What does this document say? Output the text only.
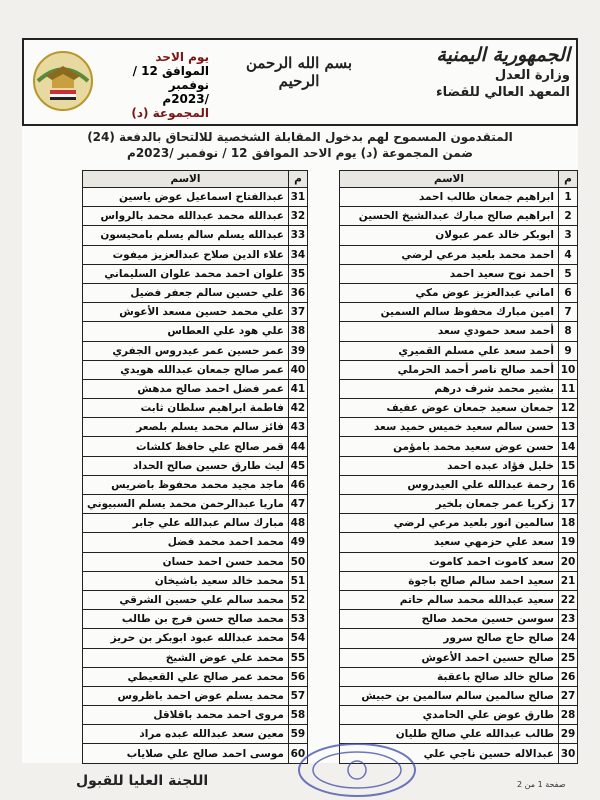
الجمهورية اليمنية
وزارة العدل
المعهد العالي للقضاء
بسم الله الرحمن الرحيم
يوم الاحد
الموافق 12 / نوفمبر
/2023م
المجموعة (د)
المتقدمون المسموح لهم بدخول المقابلة الشخصية للالتحاق بالدفعة (24)
ضمن المجموعة (د) يوم الاحد الموافق 12 / نوفمبر /2023م
م	الاسم
1	ابراهيم جمعان طالب احمد
2	ابراهيم صالح مبارك عبدالشيخ الحسين
3	ابوبكر خالد عمر عبولان
4	احمد محمد بلعيد مرعي لرضي
5	احمد نوح سعيد احمد
6	اماني عبدالعزيز عوض مكي
7	امين مبارك محفوظ سالم السمين
8	أحمد سعد حمودي سعد
9	أحمد سعد علي مسلم القميري
10	أحمد صالح ناصر أحمد الحرملي
11	بشير محمد شرف درهم
12	جمعان سعيد جمعان عوض عفيف
13	حسن سالم سعيد خميس حميد سعد
14	حسن عوض سعيد محمد بامؤمن
15	خليل فؤاد عبده احمد
16	رحمة عبدالله علي العيدروس
17	زكريا عمر جمعان بلخير
18	سالمين انور بلعيد مرعي لرضي
19	سعد علي حزمهي سعيد
20	سعد كاموت احمد كاموت
21	سعيد احمد سالم صالح باجوة
22	سعيد عبدالله محمد سالم حاتم
23	سوسن حسين محمد صالح
24	صالح حاج صالح سرور
25	صالح حسين احمد الأعوش
26	صالح خالد صالح باعقبة
27	صالح سالمين سالم سالمين بن حبيش
28	طارق عوض علي الحامدي
29	طالب عبدالله علي صالح طليان
30	عبدالاله حسين ناجي علي
م	الاسم
31	عبدالفتاح اسماعيل عوض ياسين
32	عبدالله محمد عبدالله محمد بالرواس
33	عبدالله يسلم سالم يسلم بامحيسون
34	علاء الدين صلاح عبدالعزيز ميفوت
35	علوان احمد محمد علوان السليماني
36	علي حسين سالم جعفر فضيل
37	علي محمد حسين مسعد الأعوش
38	علي هود علي العطاس
39	عمر حسين عمر عيدروس الجفري
40	عمر صالح جمعان عبدالله هويدي
41	عمر فضل احمد صالح مدهش
42	فاطمة ابراهيم سلطان ثابت
43	فائز سالم محمد يسلم بلصعر
44	قمر صالح علي حافظ كلشات
45	ليث طارق حسين صالح الحداد
46	ماجد مجيد محمد محفوظ باضريس
47	ماريا عبدالرحمن محمد يسلم السبيوني
48	مبارك سالم عبدالله علي جابر
49	محمد احمد محمد فضل
50	محمد حسن احمد حسان
51	محمد خالد سعيد باشيخان
52	محمد سالم علي حسين الشرقي
53	محمد صالح حسن فرج بن طالب
54	محمد عبدالله عبود ابوبكر بن حريز
55	محمد علي عوض الشيخ
56	محمد عمر صالح علي القعيطي
57	محمد يسلم عوض احمد باظروس
58	مروى احمد محمد باقلاقل
59	معين سعد عبدالله عبده مراد
60	موسى احمد صالح علي صلاياب
اللجنة العليا للقبول	صفحة 1 من 2
